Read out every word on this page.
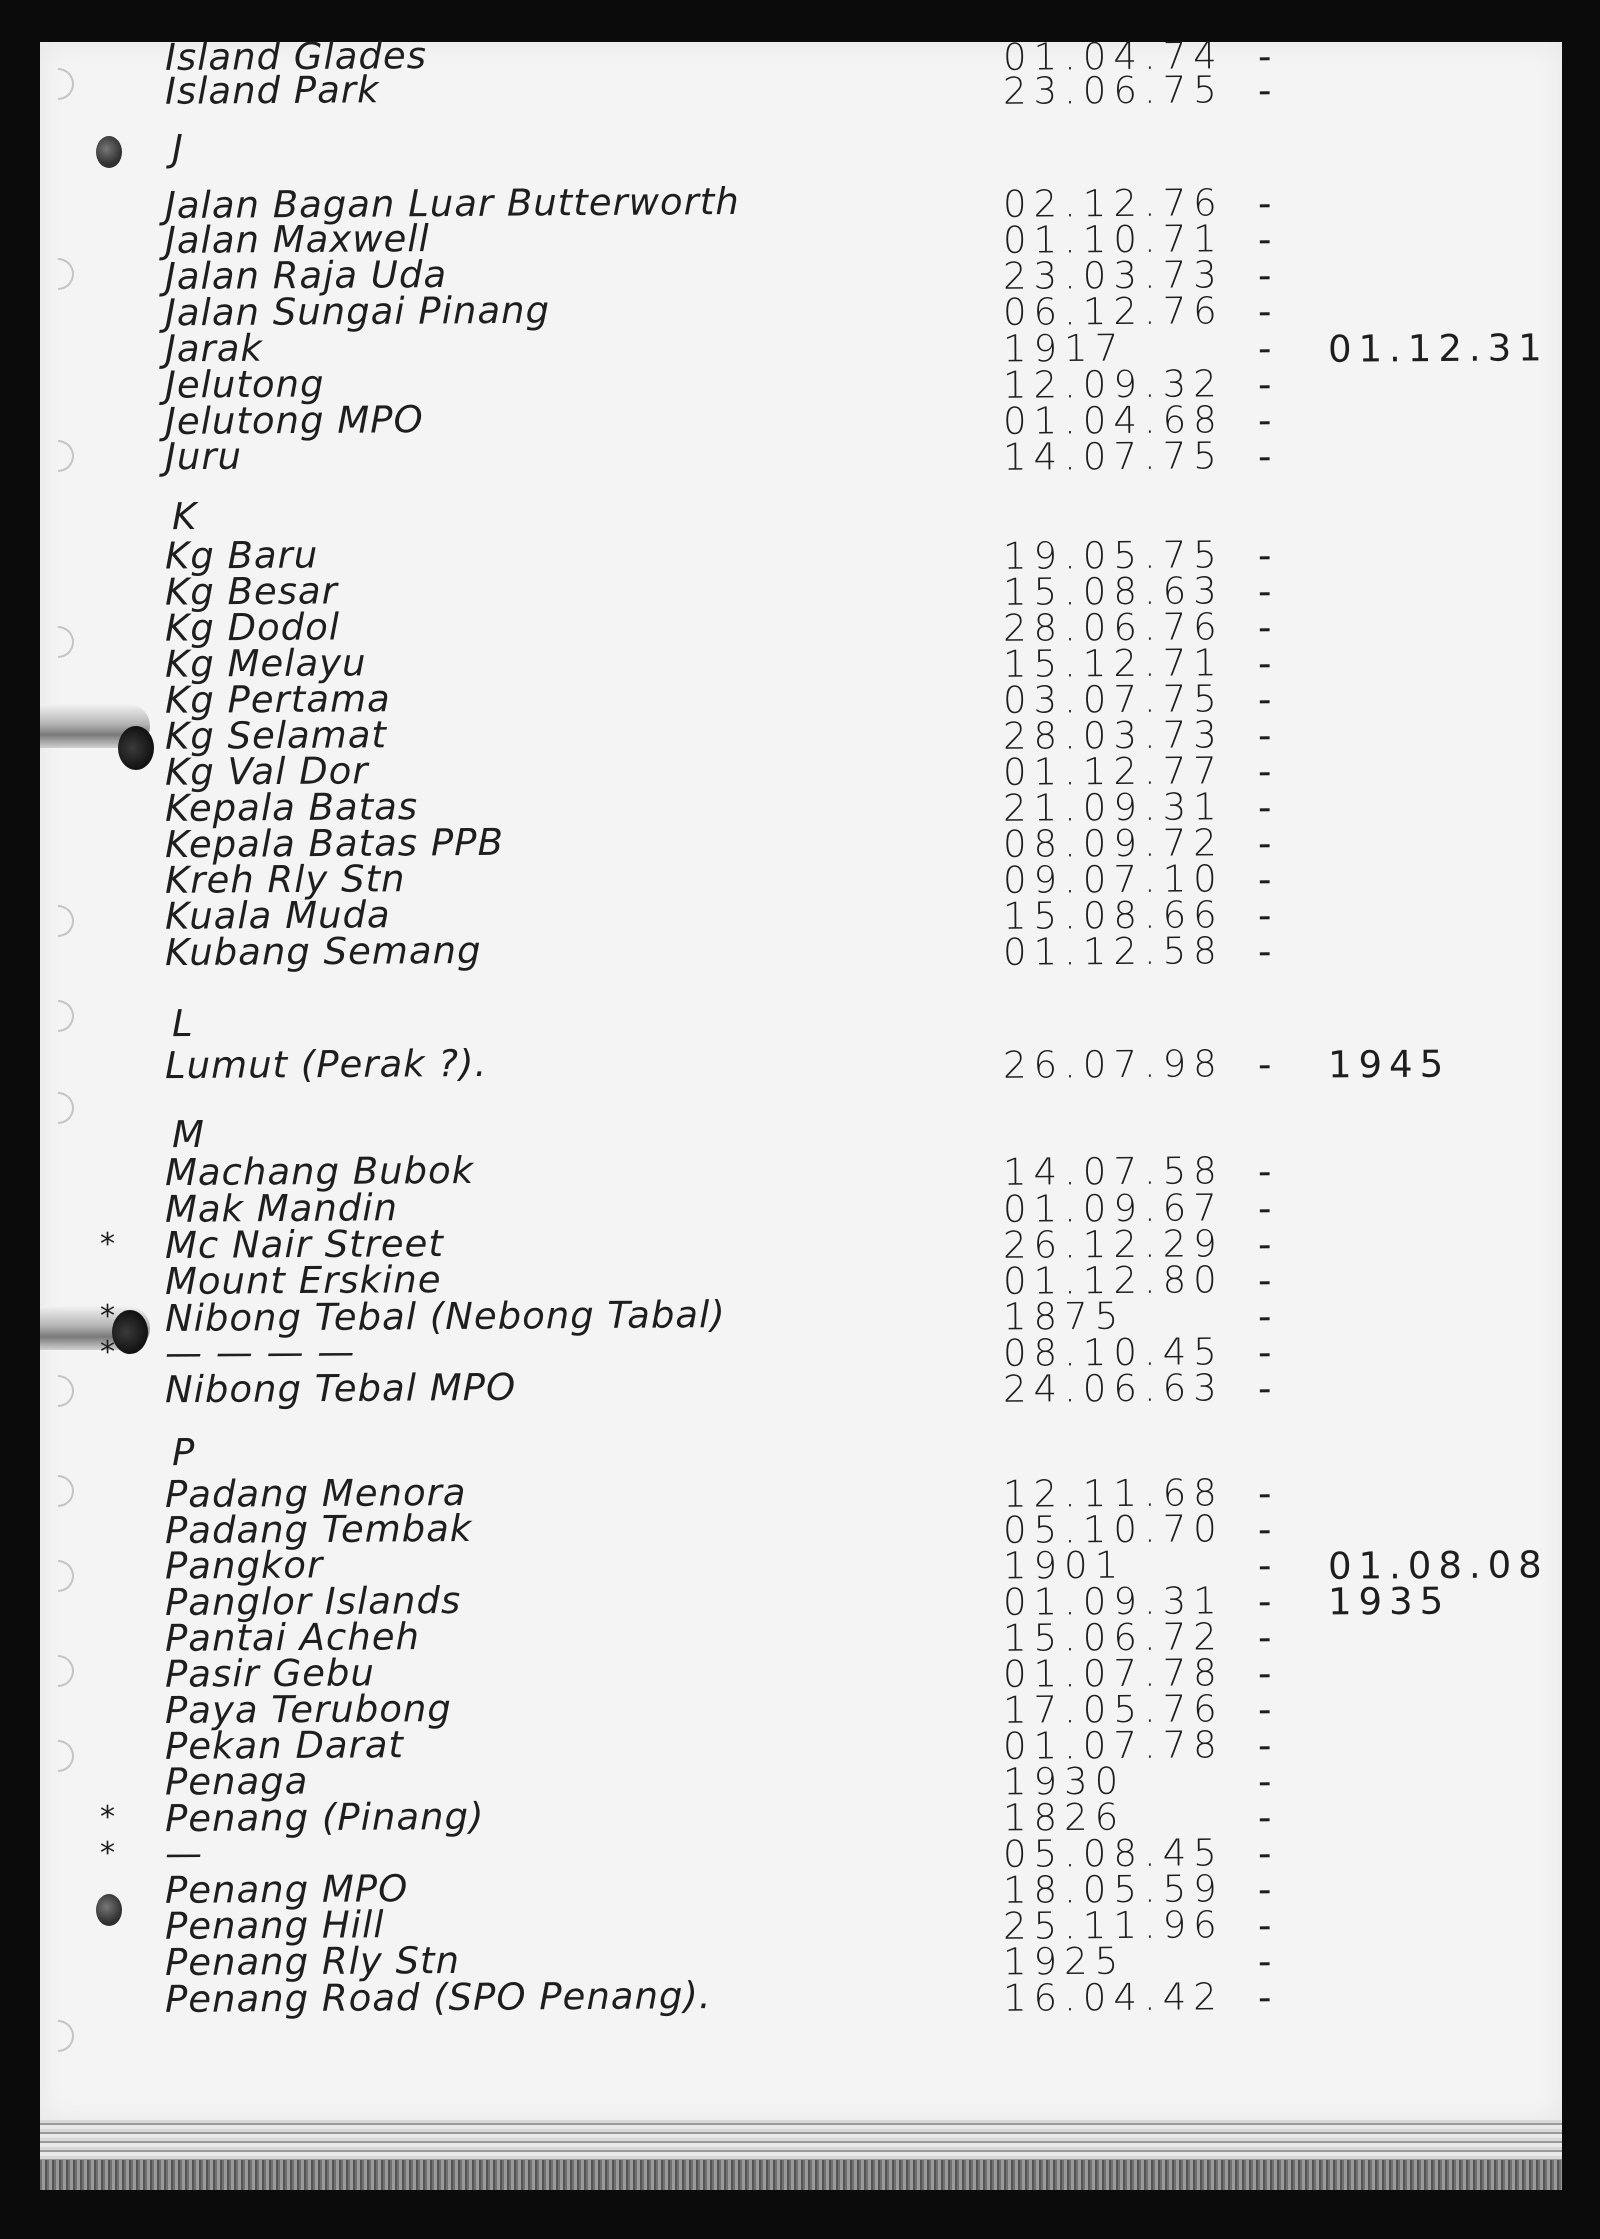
Island Glades	01.04.74 -
Island Park	23.06.75 -
J
Jalan Bagan Luar Butterworth	02.12.76 -
Jalan Maxwell	01.10.71 -
Jalan Raja Uda	23.03.73 -
Jalan Sungai Pinang	06.12.76 -
Jarak	1917	- 01.12.31
Jelutong	12.09.32 -
Jelutong MPO	01.04.68 -
Juru	14.07.75 -
K
Kg Baru	19.05.75 -
Kg Besar	15.08.63 -
Kg Dodol	28.06.76 -
Kg Melayu	15.12.71 -
Kg Pertama	03.07.75 -
Kg Selamat	28.03.73 -
Kg Val Dor	01.12.77 -
Kepala Batas	21.09.31 -
Kepala Batas PPB	08.09.72 -
Kreh Rly Stn	09.07.10 -
Kuala Muda	15.08.66 -
Kubang Semang	01.12.58 -
L
Lumut (Perak ?).	26.07.98 - 1945
M
Machang Bubok	14.07.58 -
Mak Mandin	01.09.67 -
* Mc Nair Street	26.12.29 -
Mount Erskine	01.12.80 -
* Nibong Tebal (Nebong Tabal)	1875	-
* — — — —	08.10.45 -
Nibong Tebal MPO	24.06.63 -
P
Padang Menora	12.11.68 -
Padang Tembak	05.10.70 -
Pangkor	1901	- 01.08.08
Panglor Islands	01.09.31 - 1935
Pantai Acheh	15.06.72 -
Pasir Gebu	01.07.78 -
Paya Terubong	17.05.76 -
Pekan Darat	01.07.78 -
Penaga	1930	-
* Penang (Pinang)	1826	-
* —	05.08.45 -
Penang MPO	18.05.59 -
Penang Hill	25.11.96 -
Penang Rly Stn	1925	-
Penang Road (SPO Penang).	16.04.42 -
